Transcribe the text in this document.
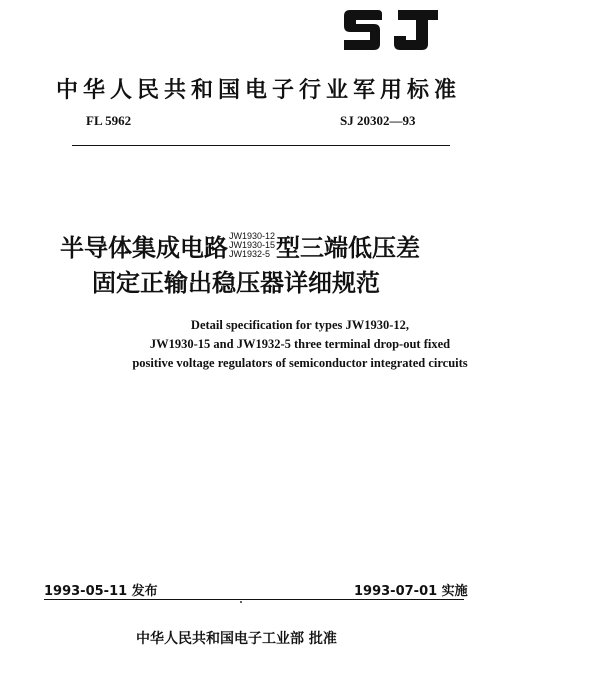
中华人民共和国电子行业军用标准
FL 5962	SJ 20302—93
半导体集成电路 JW1930-12
JW1930-15
JW1932-5 型三端低压差
固定正输出稳压器详细规范
Detail specification for types JW1930-12,
JW1930-15 and JW1932-5 three terminal drop-out fixed
positive voltage regulators of semiconductor integrated circuits
1993-05-11 发布	1993-07-01 实施
中华人民共和国电子工业部 批准
